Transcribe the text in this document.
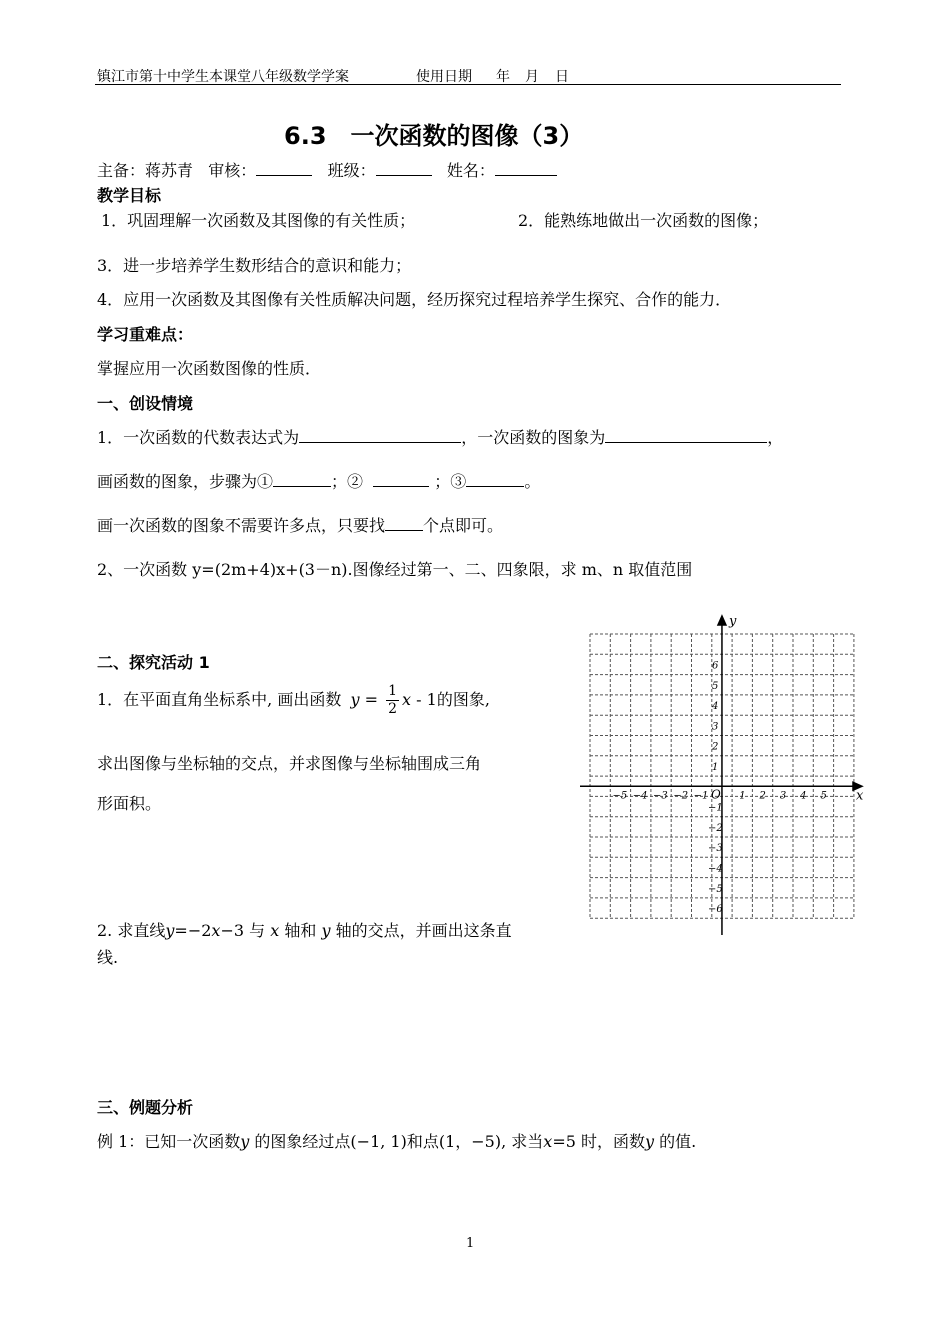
镇江市第十中学生本课堂八年级数学学案	使用日期 年 月 日
6.3　一次函数的图像（3）
主备：蒋苏青 审核：	班级：	姓名：
教学目标
1．巩固理解一次函数及其图像的有关性质；	2．能熟练地做出一次函数的图像；
3．进一步培养学生数形结合的意识和能力；
4．应用一次函数及其图像有关性质解决问题，经历探究过程培养学生探究、合作的能力．
学习重难点：
掌握应用一次函数图像的性质．
一、创设情境
1．一次函数的代数表达式为	，一次函数的图象为	，
画函数的图象，步骤为①	；②	；③	。
画一次函数的图象不需要许多点，只要找 个点即可。
2、一次函数 y=(2m+4)x+(3－n).图像经过第一、二、四象限，求 m、n 取值范围
二、探究活动 1
1．在平面直角坐标系中, 画出函数 $y = \frac{1}{2}$ x - 1的图象,
求出图像与坐标轴的交点，并求图像与坐标轴围成三角
形面积。
2. 求直线y=−2x−3 与 x 轴和 y 轴的交点，并画出这条直
线.
−5 −4 −3 −2 −1	1 2 3 4 5
6
5
4
3
2
1
−1
−2
−3
−4
−5
−6
O	x
y
三、例题分析
例 1：已知一次函数y 的图象经过点(−1, 1)和点(1，−5), 求当x=5 时，函数y 的值.
1
